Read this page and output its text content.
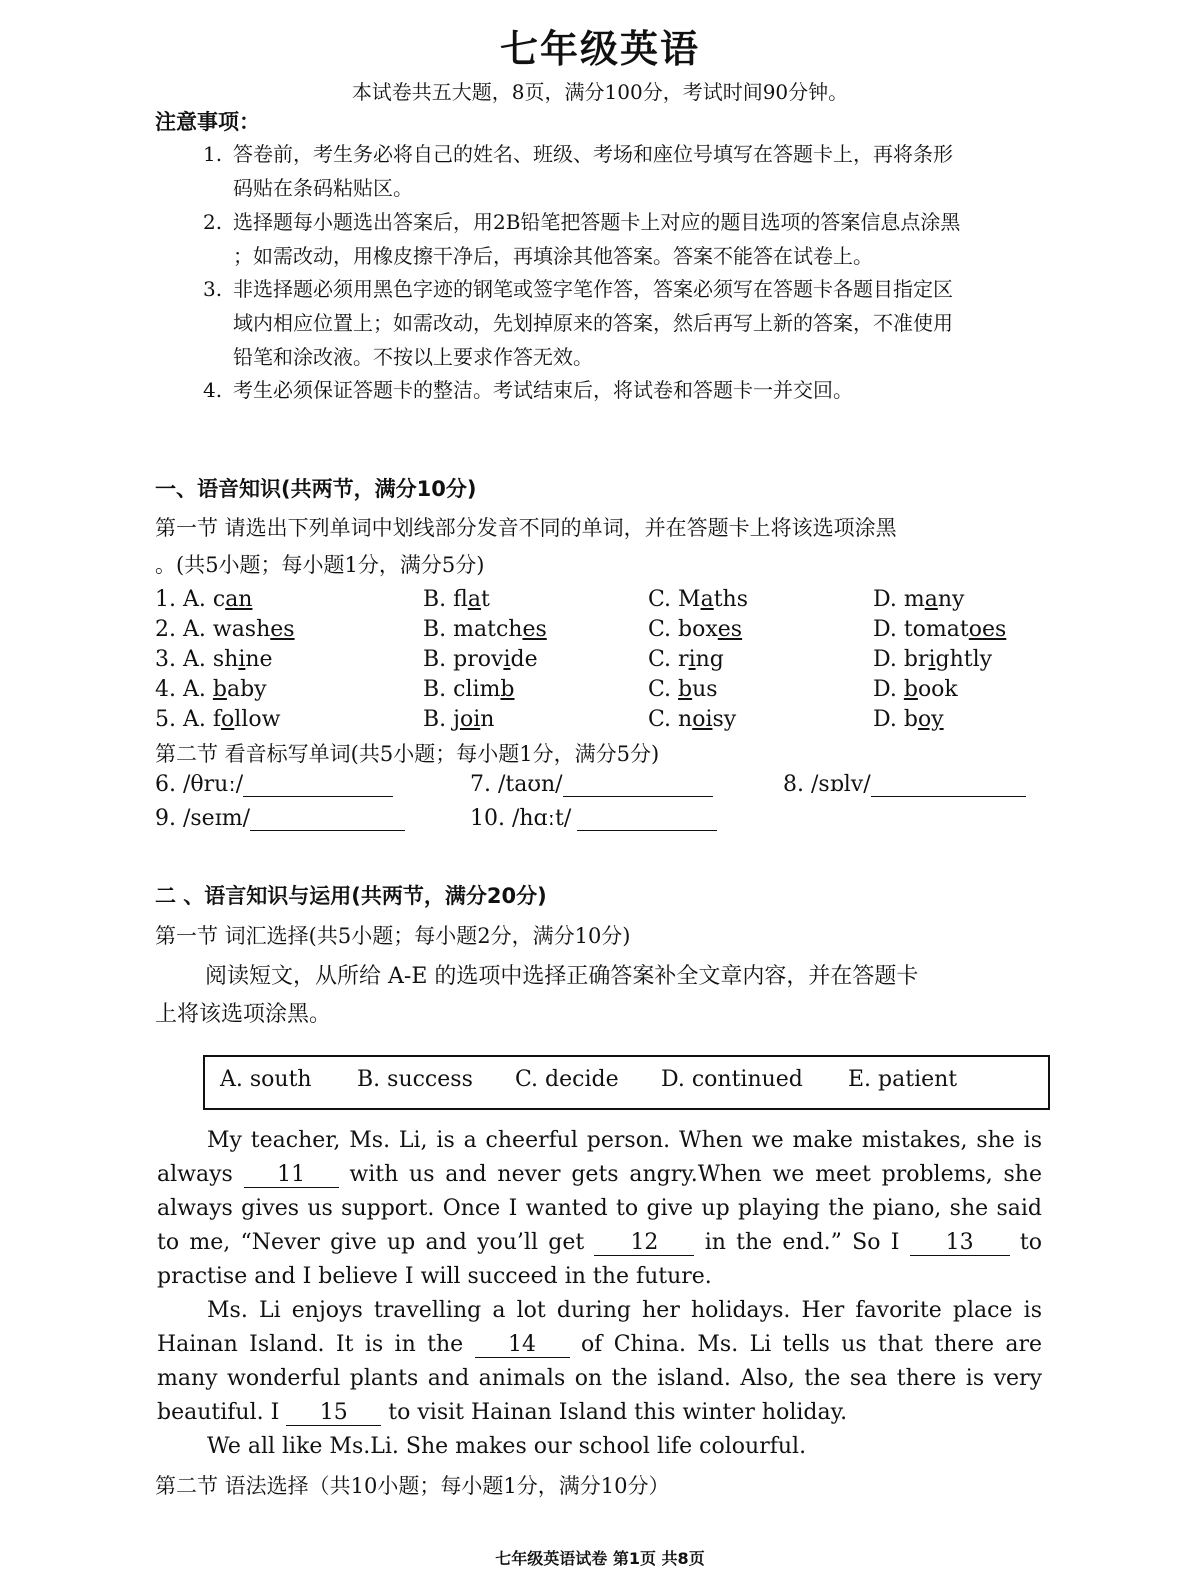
七年级英语
本试卷共五大题，8页，满分100分，考试时间90分钟。
注意事项：
1. 答卷前，考生务必将自己的姓名、班级、考场和座位号填写在答题卡上，再将条形
码贴在条码粘贴区。
2. 选择题每小题选出答案后，用2B铅笔把答题卡上对应的题目选项的答案信息点涂黑
；如需改动，用橡皮擦干净后，再填涂其他答案。答案不能答在试卷上。
3. 非选择题必须用黑色字迹的钢笔或签字笔作答，答案必须写在答题卡各题目指定区
域内相应位置上；如需改动，先划掉原来的答案，然后再写上新的答案，不准使用
铅笔和涂改液。不按以上要求作答无效。
4. 考生必须保证答题卡的整洁。考试结束后，将试卷和答题卡一并交回。
一、语音知识(共两节，满分10分)
第一节 请选出下列单词中划线部分发音不同的单词，并在答题卡上将该选项涂黑
。(共5小题；每小题1分，满分5分)
1. A. can	B. flat	C. Maths	D. many
2. A. washes	B. matches	C. boxes	D. tomatoes
3. A. shine	B. provide	C. ring	D. brightly
4. A. baby	B. climb	C. bus	D. book
5. A. follow	B. join	C. noisy	D. boy
第二节 看音标写单词(共5小题；每小题1分，满分5分)
6. /θruː/	7. /taʊn/	8. /sɒlv/
9. /seɪm/	10. /hɑːt/
二 、语言知识与运用(共两节，满分20分)
第一节 词汇选择(共5小题；每小题2分，满分10分)
阅读短文，从所给 A-E 的选项中选择正确答案补全文章内容，并在答题卡
上将该选项涂黑。
A. south B. success C. decide D. continued E. patient
My teacher, Ms. Li, is a cheerful person. When we make mistakes, she is always 11 with us and never gets angry.When we meet problems, she always gives us support. Once I wanted to give up playing the piano, she said to me, “Never give up and you’ll get 12 in the end.” So I 13 to practise and I believe I will succeed in the future.
Ms. Li enjoys travelling a lot during her holidays. Her favorite place is Hainan Island. It is in the 14 of China. Ms. Li tells us that there are many wonderful plants and animals on the island. Also, the sea there is very beautiful. I 15 to visit Hainan Island this winter holiday.
We all like Ms.Li. She makes our school life colourful.
第二节 语法选择（共10小题；每小题1分，满分10分）
七年级英语试卷 第1页 共8页
